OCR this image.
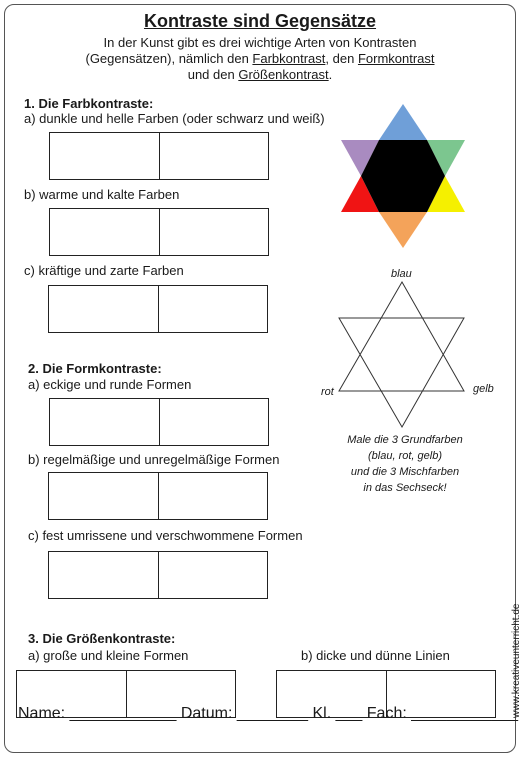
Kontraste sind Gegensätze
In der Kunst gibt es drei wichtige Arten von Kontrasten
(Gegensätzen), nämlich den Farbkontrast, den Formkontrast
und den Größenkontrast.
1. Die Farbkontraste:
a) dunkle und helle Farben (oder schwarz und weiß)
b) warme und kalte Farben
c) kräftige und zarte Farben
2. Die Formkontraste:
a) eckige und runde Formen
b) regelmäßige und unregelmäßige Formen
c) fest umrissene und verschwommene Formen
3. Die Größenkontraste:
a) große und kleine Formen	b) dicke und dünne Linien
blau
rot	gelb
Male die 3 Grundfarben
(blau, rot, gelb)
und die 3 Mischfarben
in das Sechseck!
www.kreativeunterricht.de
Name: ____________ Datum: ________ Kl. ___ Fach: ____________
